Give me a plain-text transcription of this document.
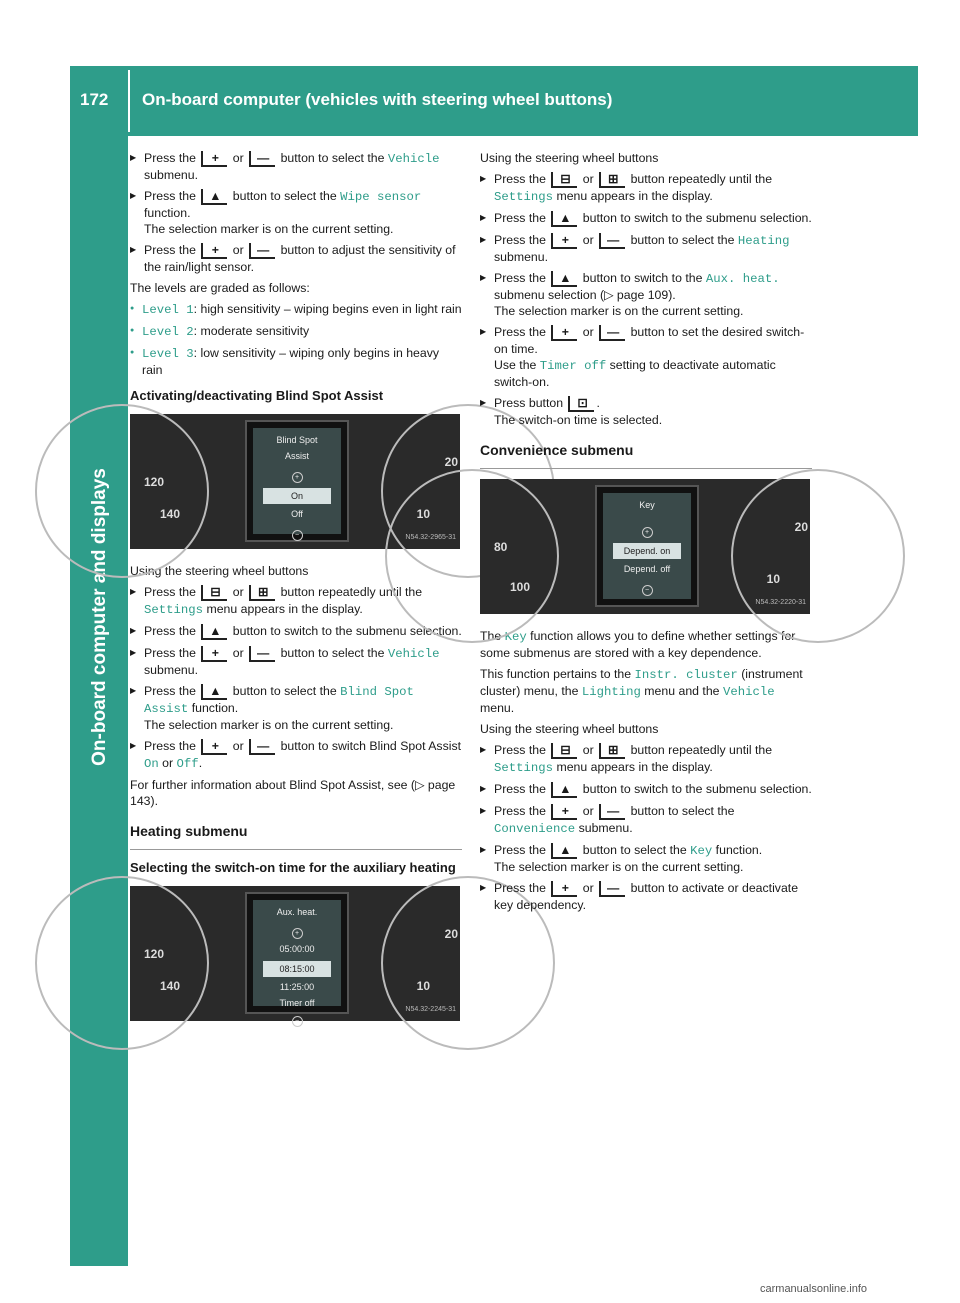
172 On-board computer (vehicles with steering wheel buttons)
On-board computer and displays
▶ Press the + or — button to select the Vehicle submenu.
▶ Press the ▲ button to select the Wipe sensor function.
The selection marker is on the current setting.
▶ Press the + or — button to adjust the sensitivity of the rain/light sensor.

The levels are graded as follows:

● Level 1: high sensitivity – wiping begins even in light rain
● Level 2: moderate sensitivity
● Level 3: low sensitivity – wiping only begins in heavy rain
Activating/deactivating Blind Spot Assist
120
140
20
10
Blind Spot
Assist
+
On
Off
−	N54.32-2965-31

Using the steering wheel buttons

▶ Press the ⊟ or ⊞ button repeatedly until the Settings menu appears in the display.
▶ Press the ▲ button to switch to the submenu selection.
▶ Press the + or — button to select the Vehicle submenu.
▶ Press the ▲ button to select the Blind Spot Assist function.
The selection marker is on the current setting.
▶ Press the + or — button to switch Blind Spot Assist On or Off.

For further information about Blind Spot Assist, see (▷ page 143).

Heating submenu
Selecting the switch-on time for the auxiliary heating
120
140
20
10
Aux. heat.
+
05:00:00
08:15:00
11:25:00
Timer off
−
N54.32-2245-31

Using the steering wheel buttons

▶ Press the ⊟ or ⊞ button repeatedly until the Settings menu appears in the display.
▶ Press the ▲ button to switch to the submenu selection.
▶ Press the + or — button to select the Heating submenu.
▶ Press the ▲ button to switch to the Aux. heat. submenu selection (▷ page 109).
The selection marker is on the current setting.
▶ Press the + or — button to set the desired switch-on time.
Use the Timer off setting to deactivate automatic switch-on.
▶ Press button ⊡ .
The switch-on time is selected.
Convenience submenu
80
100
20
10
Key
+
Depend. on
Depend. off
−
N54.32-2220-31

The Key function allows you to define whether settings for some submenus are stored with a key dependence.

This function pertains to the Instr. cluster (instrument cluster) menu, the Lighting menu and the Vehicle menu.

Using the steering wheel buttons

▶ Press the ⊟ or ⊞ button repeatedly until the Settings menu appears in the display.
▶ Press the ▲ button to switch to the submenu selection.
▶ Press the + or — button to select the Convenience submenu.
▶ Press the ▲ button to select the Key function.
The selection marker is on the current setting.
▶ Press the + or — button to activate or deactivate key dependency.
carmanualsonline.info
